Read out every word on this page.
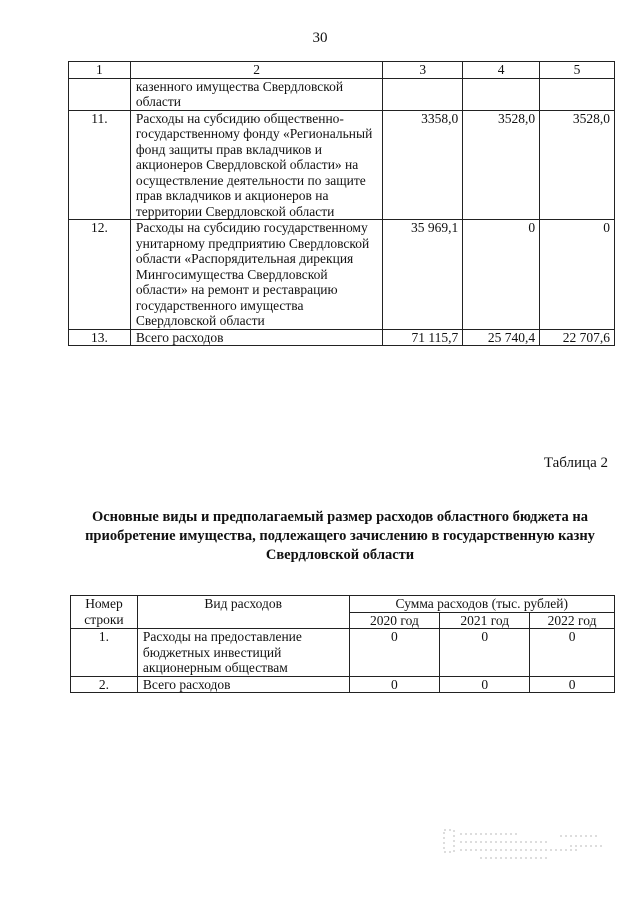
30
1	2	3	4	5
	казенного имущества Свердловской области			
11.	Расходы на субсидию общественно-государственному фонду «Региональный фонд защиты прав вкладчиков и акционеров Свердловской области» на осуществление деятельности по защите прав вкладчиков и акционеров на территории Свердловской области	3358,0	3528,0	3528,0
12.	Расходы на субсидию государственному унитарному предприятию Свердловской области «Распорядительная дирекция Мингосимущества Свердловской области» на ремонт и реставрацию государственного имущества Свердловской области	35 969,1	0	0
13.	Всего расходов	71 115,7	25 740,4	22 707,6
Таблица 2
Основные виды и предполагаемый размер расходов областного бюджета на приобретение имущества, подлежащего зачислению в государственную казну Свердловской области
Номер строки	Вид расходов	Сумма расходов (тыс. рублей)		
		2020 год	2021 год	2022 год
1.	Расходы на предоставление бюджетных инвестиций акционерным обществам	0	0	0
2.	Всего расходов	0	0	0
